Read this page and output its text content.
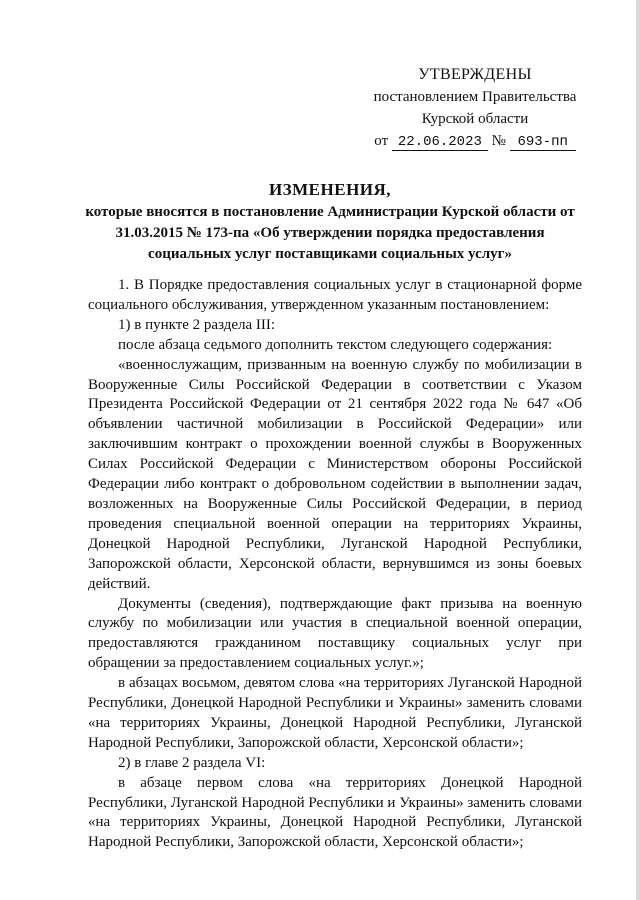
УТВЕРЖДЕНЫ
постановлением Правительства
Курской области
от 22.06.2023 № 693-пп
ИЗМЕНЕНИЯ,
которые вносятся в постановление Администрации Курской области от 31.03.2015 № 173-па «Об утверждении порядка предоставления социальных услуг поставщиками социальных услуг»

1. В Порядке предоставления социальных услуг в стационарной форме социального обслуживания, утвержденном указанным постановлением:

1) в пункте 2 раздела III:

после абзаца седьмого дополнить текстом следующего содержания:

«военнослужащим, призванным на военную службу по мобилизации в Вооруженные Силы Российской Федерации в соответствии с Указом Президента Российской Федерации от 21 сентября 2022 года № 647 «Об объявлении частичной мобилизации в Российской Федерации» или заключившим контракт о прохождении военной службы в Вооруженных Силах Российской Федерации с Министерством обороны Российской Федерации либо контракт о добровольном содействии в выполнении задач, возложенных на Вооруженные Силы Российской Федерации, в период проведения специальной военной операции на территориях Украины, Донецкой Народной Республики, Луганской Народной Республики, Запорожской области, Херсонской области, вернувшимся из зоны боевых действий.

Документы (сведения), подтверждающие факт призыва на военную службу по мобилизации или участия в специальной военной операции, предоставляются гражданином поставщику социальных услуг при обращении за предоставлением социальных услуг.»;

в абзацах восьмом, девятом слова «на территориях Луганской Народной Республики, Донецкой Народной Республики и Украины» заменить словами «на территориях Украины, Донецкой Народной Республики, Луганской Народной Республики, Запорожской области, Херсонской области»;

2) в главе 2 раздела VI:

в абзаце первом слова «на территориях Донецкой Народной Республики, Луганской Народной Республики и Украины» заменить словами «на территориях Украины, Донецкой Народной Республики, Луганской Народной Республики, Запорожской области, Херсонской области»;
